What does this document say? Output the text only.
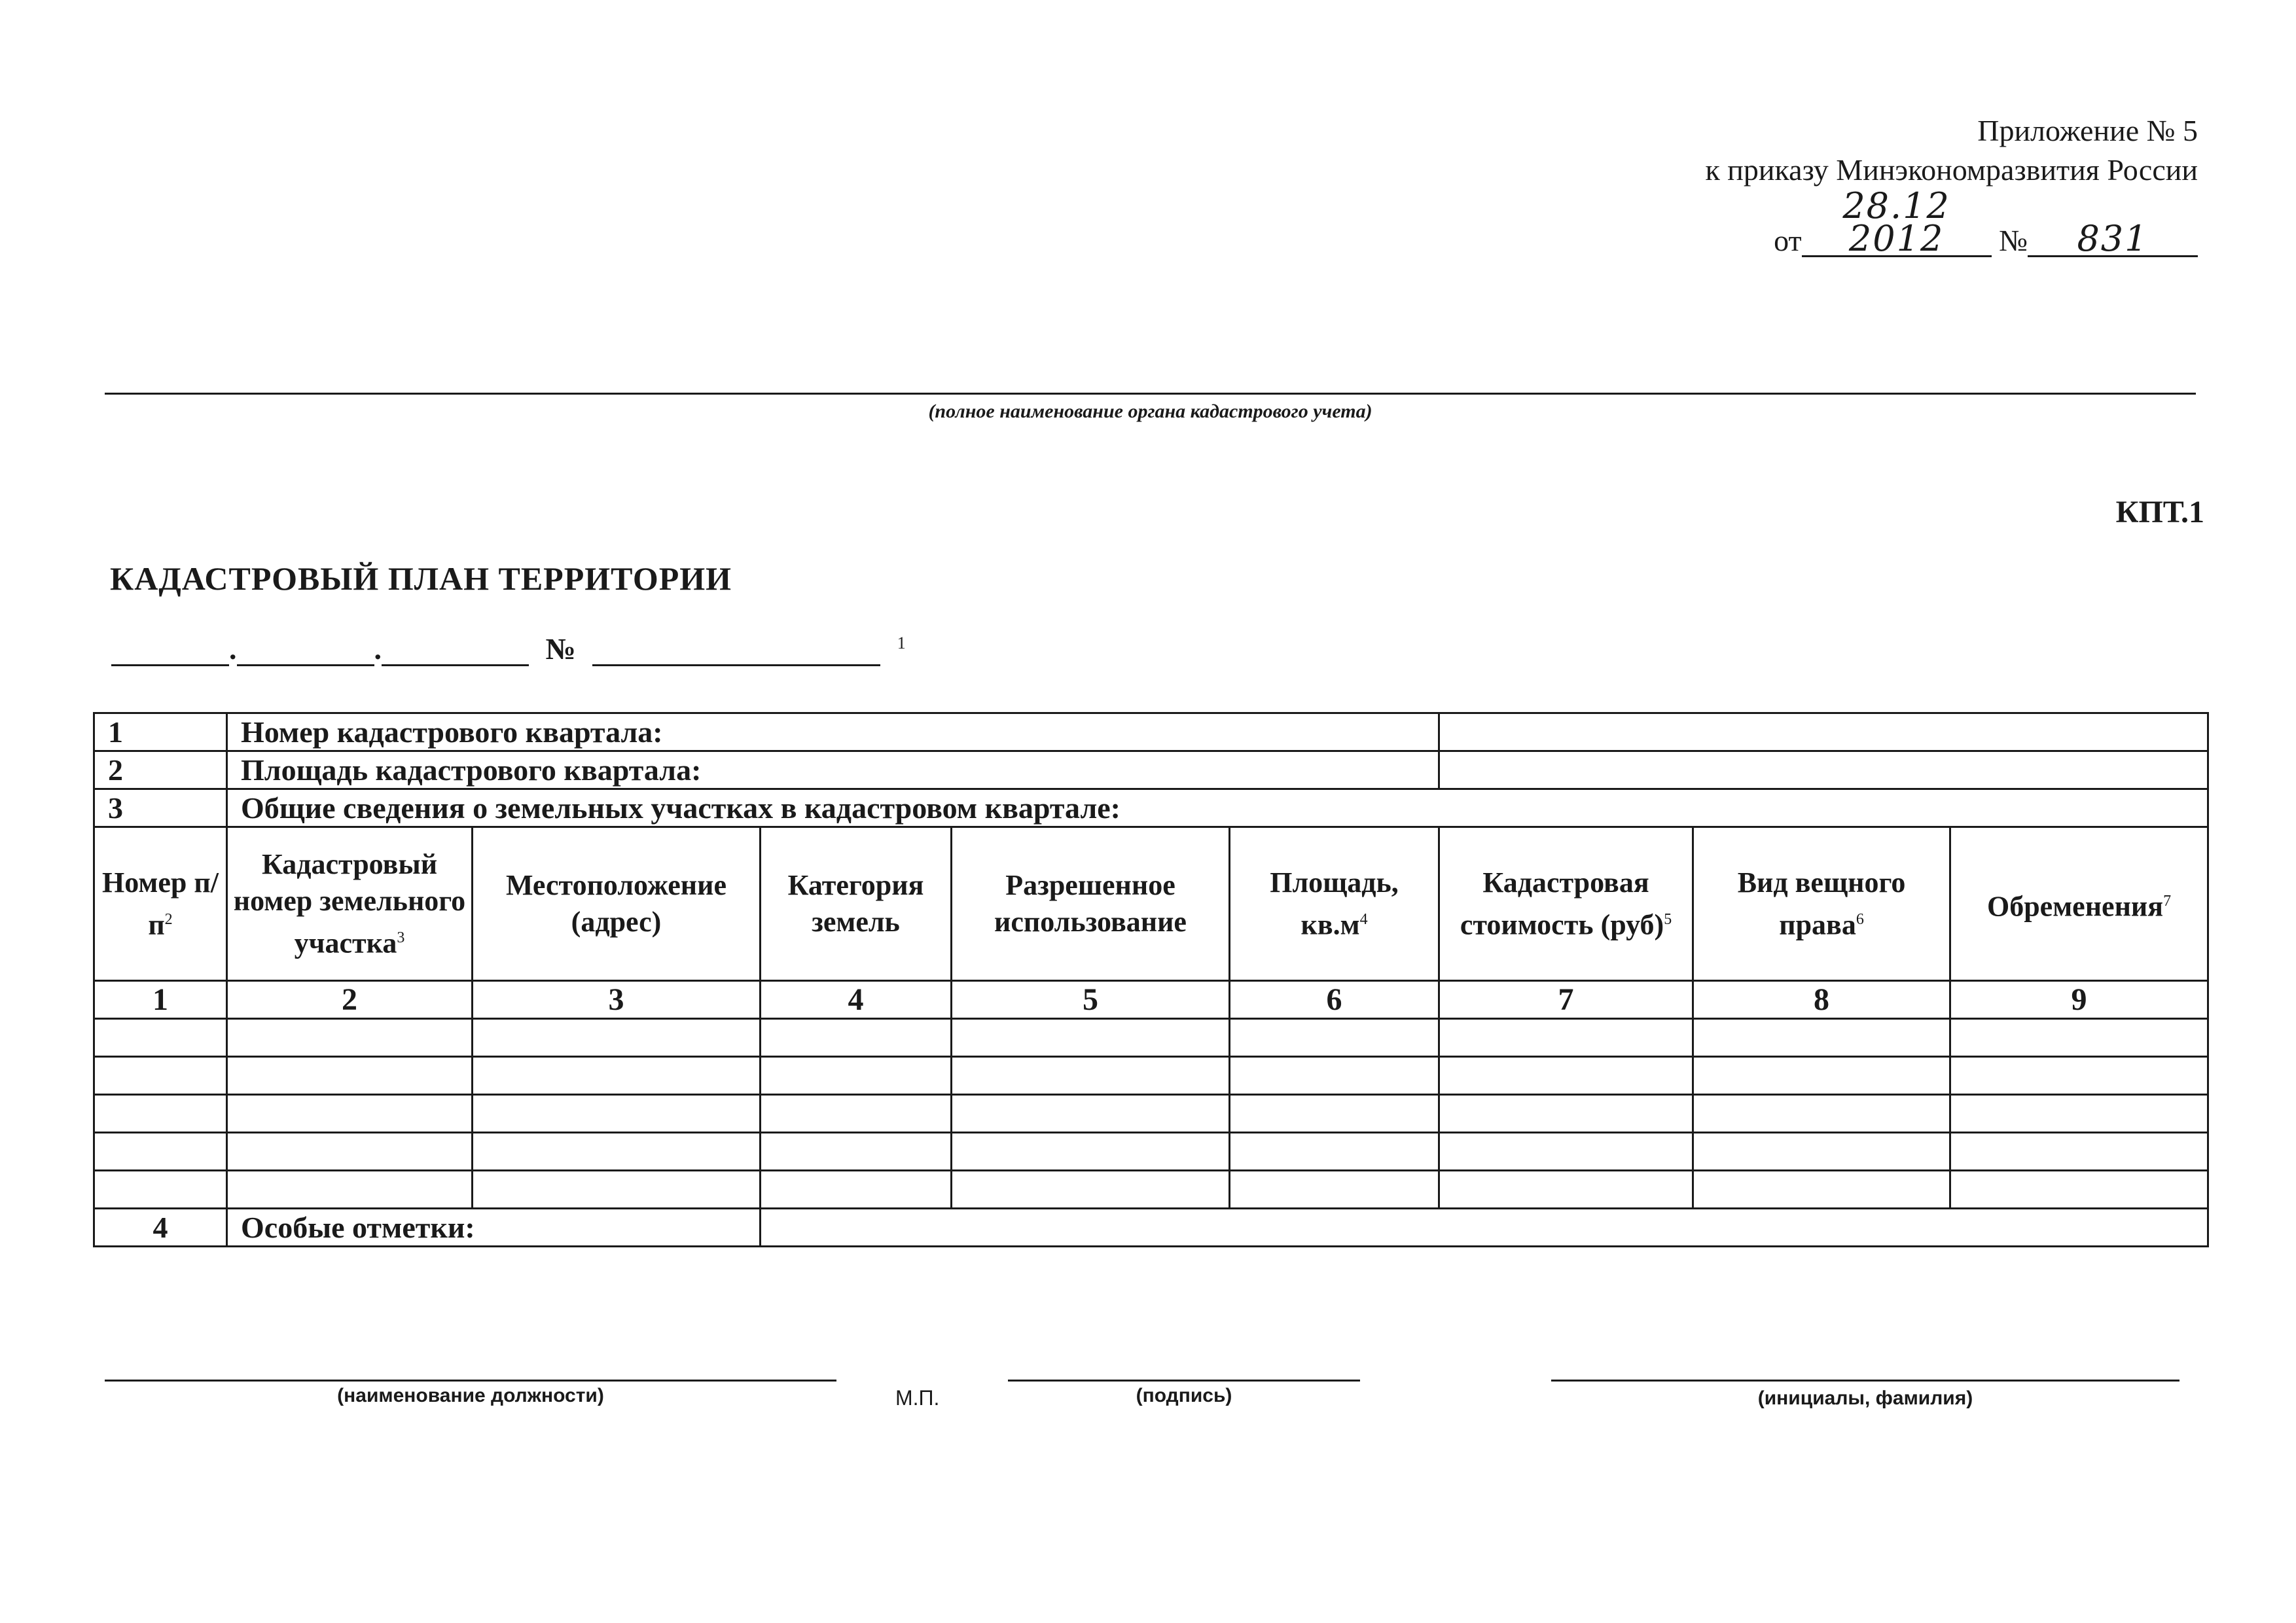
Приложение № 5
к приказу Минэкономразвития России
от28.12 2012 № 831
(полное наименование органа кадастрового учета)
КПТ.1
КАДАСТРОВЫЙ ПЛАН ТЕРРИТОРИИ
.	.	№	$^1$
1	Номер кадастрового квартала:							
2	Площадь кадастрового квартала:							
3	Общие сведения о земельных участках в кадастровом квартале:							
Номер $п/п^2$	Кадастровый номер земельного участка$^3$	Местоположение (адрес)	Категория земель	Разрешенное использование	Площадь, $кв.м^4$	Кадастровая стоимость (руб)$^5$	Вид вещного права$^6$	Обременения$^7$
1	2	3	4	5	6	7	8	9

4	Особые отметки:							
(наименование должности)	М.П.	(подпись)	(инициалы, фамилия)
